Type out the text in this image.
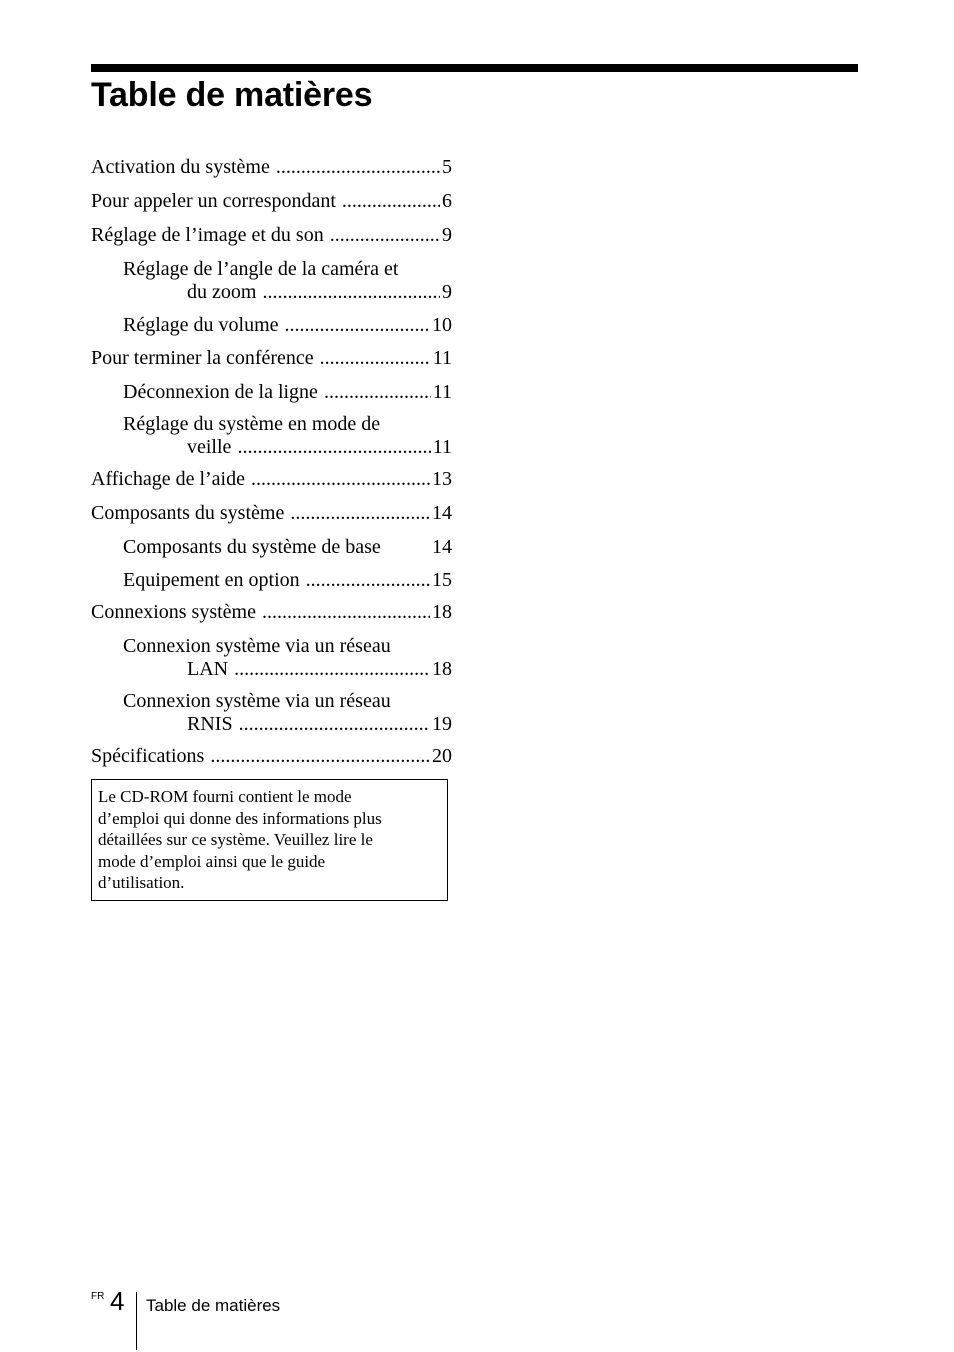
Table de matières
Activation du système .....	5
Pour appeler un correspondant .....	6
Réglage de l’image et du son .....	9
Réglage de l’angle de la caméra et
du zoom .....	9
Réglage du volume .....	10
Pour terminer la conférence .....	11
Déconnexion de la ligne .....	11
Réglage du système en mode de
veille .....	11
Affichage de l’aide .....	13
Composants du système .....	14
Composants du système de base	14
Equipement en option .....	15
Connexions système .....	18
Connexion système via un réseau
LAN .....	18
Connexion système via un réseau
RNIS .....	19
Spécifications .....	20
Le CD-ROM fourni contient le mode
d’emploi qui donne des informations plus
détaillées sur ce système. Veuillez lire le
mode d’emploi ainsi que le guide
d’utilisation.
FR 4 Table de matières
